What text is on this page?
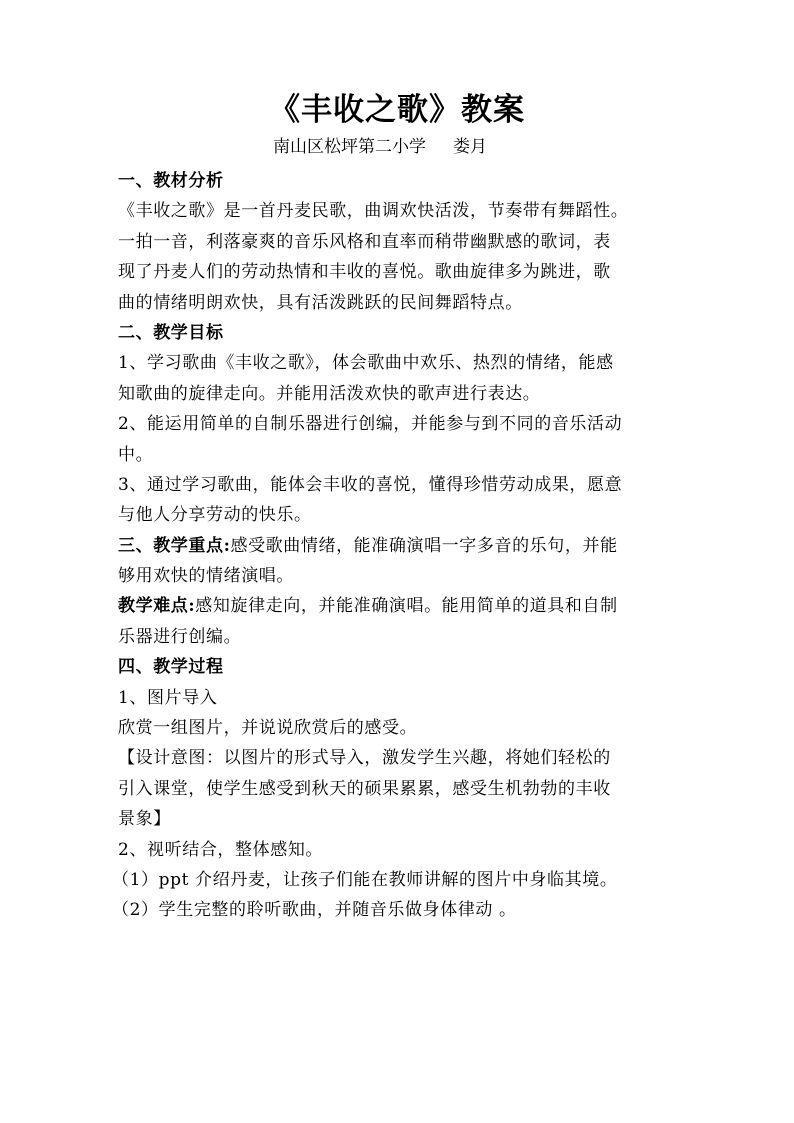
《丰收之歌》教案
南山区松坪第二小学     娄月
一、教材分析
《丰收之歌》是一首丹麦民歌，曲调欢快活泼，节奏带有舞蹈性。
一拍一音，利落豪爽的音乐风格和直率而稍带幽默感的歌词，表
现了丹麦人们的劳动热情和丰收的喜悦。歌曲旋律多为跳进，歌
曲的情绪明朗欢快，具有活泼跳跃的民间舞蹈特点。
二、教学目标
1、学习歌曲《丰收之歌》，体会歌曲中欢乐、热烈的情绪，能感
知歌曲的旋律走向。并能用活泼欢快的歌声进行表达。
2、能运用简单的自制乐器进行创编，并能参与到不同的音乐活动
中。
3、通过学习歌曲，能体会丰收的喜悦，懂得珍惜劳动成果，愿意
与他人分享劳动的快乐。
三、教学重点:感受歌曲情绪，能准确演唱一字多音的乐句，并能
够用欢快的情绪演唱。
教学难点:感知旋律走向，并能准确演唱。能用简单的道具和自制
乐器进行创编。
四、教学过程
1、图片导入
欣赏一组图片，并说说欣赏后的感受。
【设计意图：以图片的形式导入，激发学生兴趣，将她们轻松的
引入课堂，使学生感受到秋天的硕果累累，感受生机勃勃的丰收
景象】
2、视听结合，整体感知。
（1）ppt 介绍丹麦，让孩子们能在教师讲解的图片中身临其境。
（2）学生完整的聆听歌曲，并随音乐做身体律动 。
